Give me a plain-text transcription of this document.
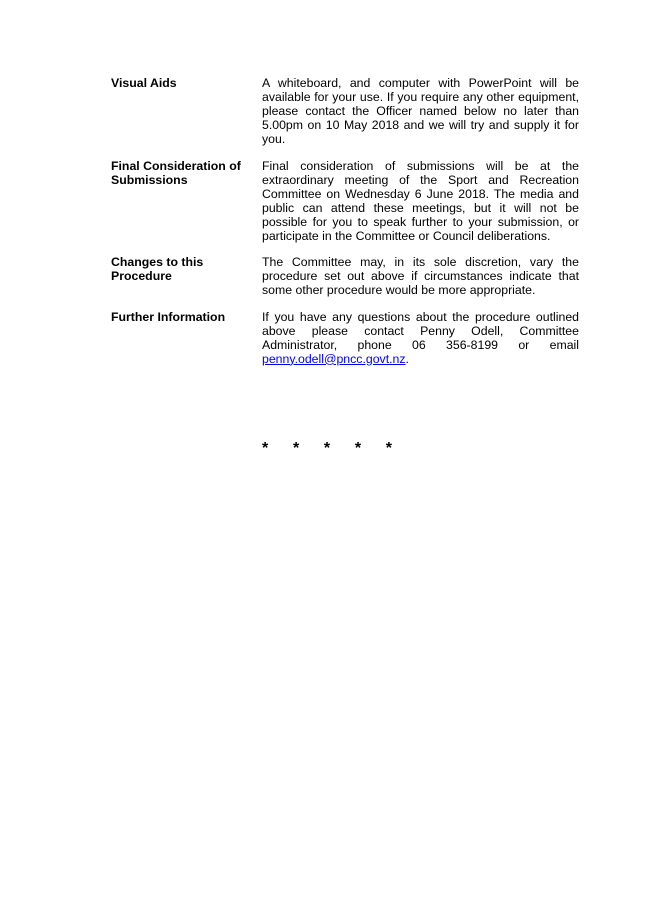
Visual Aids	A whiteboard, and computer with PowerPoint will be available for your use. If you require any other equipment, please contact the Officer named below no later than 5.00pm on 10 May 2018 and we will try and supply it for you.
Final Consideration of
Submissions
Final consideration of submissions will be at the extraordinary meeting of the Sport and Recreation Committee on Wednesday 6 June 2018. The media and public can attend these meetings, but it will not be possible for you to speak further to your submission, or participate in the Committee or Council deliberations.
Changes to this
Procedure
The Committee may, in its sole discretion, vary the procedure set out above if circumstances indicate that some other procedure would be more appropriate.
Further Information	If you have any questions about the procedure outlined above please contact Penny Odell, Committee Administrator, phone 06 356-8199 or email penny.odell@pncc.govt.nz.
* * * * *
